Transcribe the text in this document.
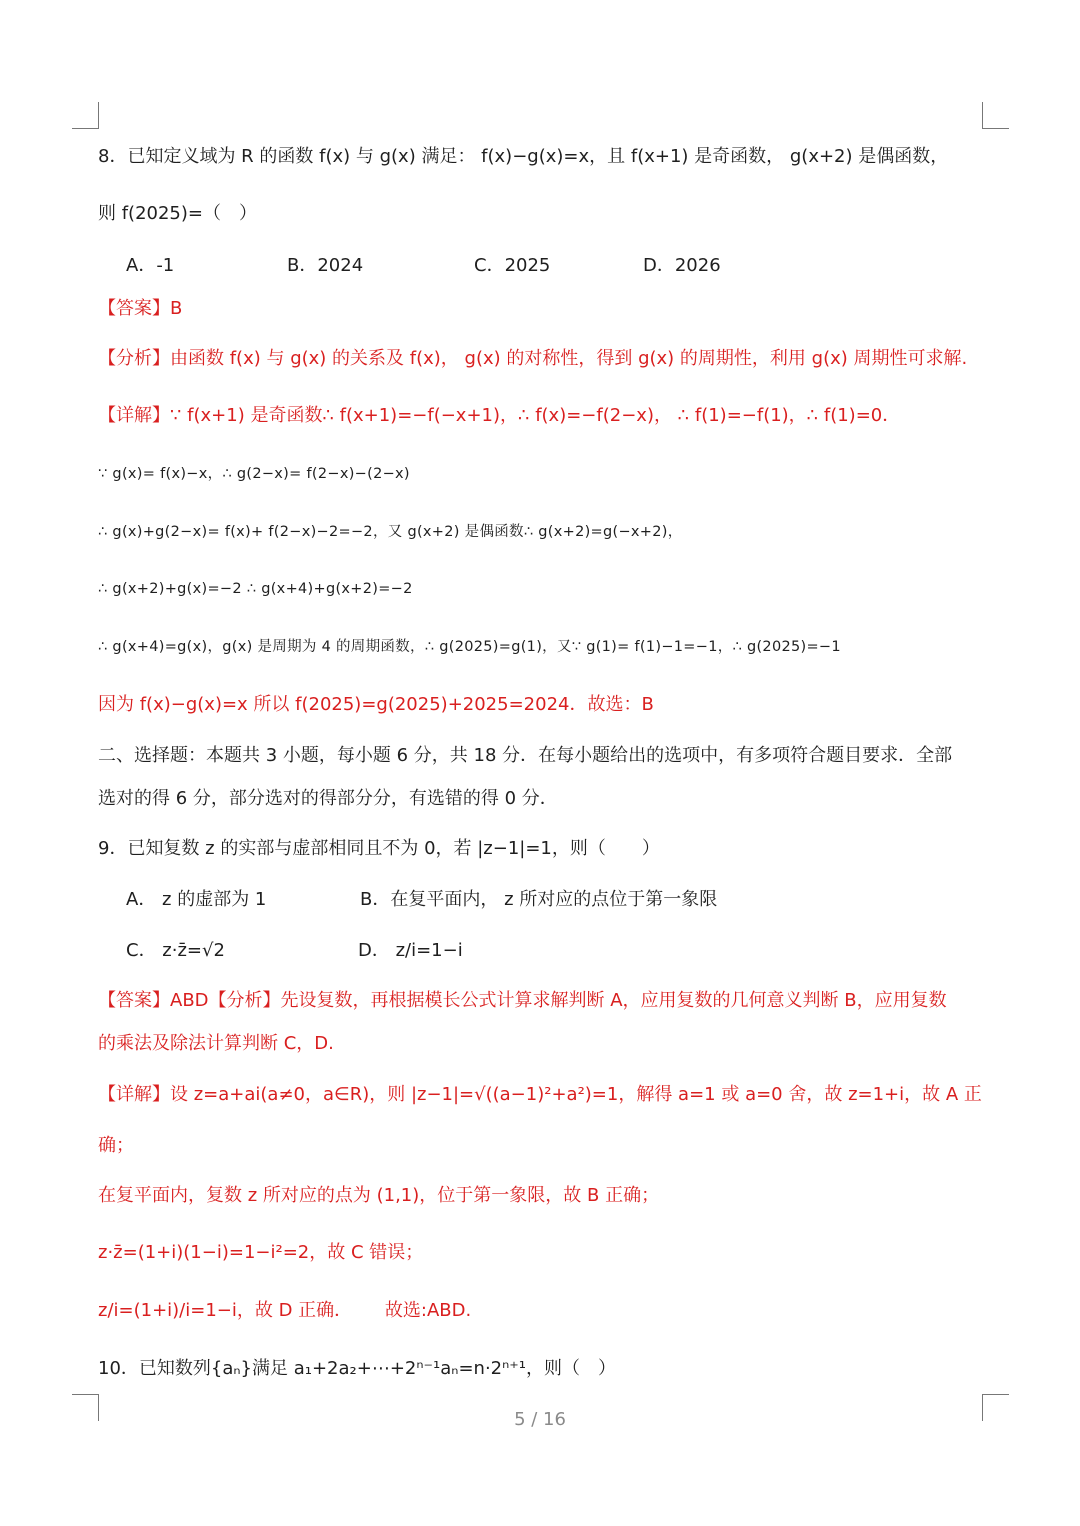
8．已知定义域为 R 的函数 f(x) 与 g(x) 满足： f(x)−g(x)=x，且 f(x+1) 是奇函数， g(x+2) 是偶函数，
则 f(2025)=（　）
A．-1	B．2024	C．2025	D．2026
【答案】B
【分析】由函数 f(x) 与 g(x) 的关系及 f(x)， g(x) 的对称性，得到 g(x) 的周期性，利用 g(x) 周期性可求解.
【详解】∵ f(x+1) 是奇函数∴ f(x+1)=−f(−x+1)，∴ f(x)=−f(2−x)， ∴ f(1)=−f(1)，∴ f(1)=0．
∵ g(x)= f(x)−x，∴ g(2−x)= f(2−x)−(2−x)
∴ g(x)+g(2−x)= f(x)+ f(2−x)−2=−2，又 g(x+2) 是偶函数∴ g(x+2)=g(−x+2)，
∴ g(x+2)+g(x)=−2 ∴ g(x+4)+g(x+2)=−2
∴ g(x+4)=g(x)，g(x) 是周期为 4 的周期函数，∴ g(2025)=g(1)，又∵ g(1)= f(1)−1=−1，∴ g(2025)=−1
因为 f(x)−g(x)=x 所以 f(2025)=g(2025)+2025=2024．故选：B
二、选择题：本题共 3 小题，每小题 6 分，共 18 分．在每小题给出的选项中，有多项符合题目要求．全部
选对的得 6 分，部分选对的得部分分，有选错的得 0 分．
9．已知复数 z 的实部与虚部相同且不为 0，若 |z−1|=1，则（　　）
A． z 的虚部为 1	B．在复平面内， z 所对应的点位于第一象限
C． z·z̄=√2	D． z/i=1−i
【答案】ABD【分析】先设复数，再根据模长公式计算求解判断 A，应用复数的几何意义判断 B，应用复数
的乘法及除法计算判断 C，D.
【详解】设 z=a+ai(a≠0，a∈R)，则 |z−1|=√((a−1)²+a²)=1，解得 a=1 或 a=0 舍，故 z=1+i，故 A 正
确；
在复平面内，复数 z 所对应的点为 (1,1)，位于第一象限，故 B 正确；
z·z̄=(1+i)(1−i)=1−i²=2，故 C 错误；
z/i=(1+i)/i=1−i，故 D 正确．　　 故选:ABD.
10．已知数列{aₙ}满足 a₁+2a₂+⋯+2ⁿ⁻¹aₙ=n·2ⁿ⁺¹，则（　）
5 / 16
